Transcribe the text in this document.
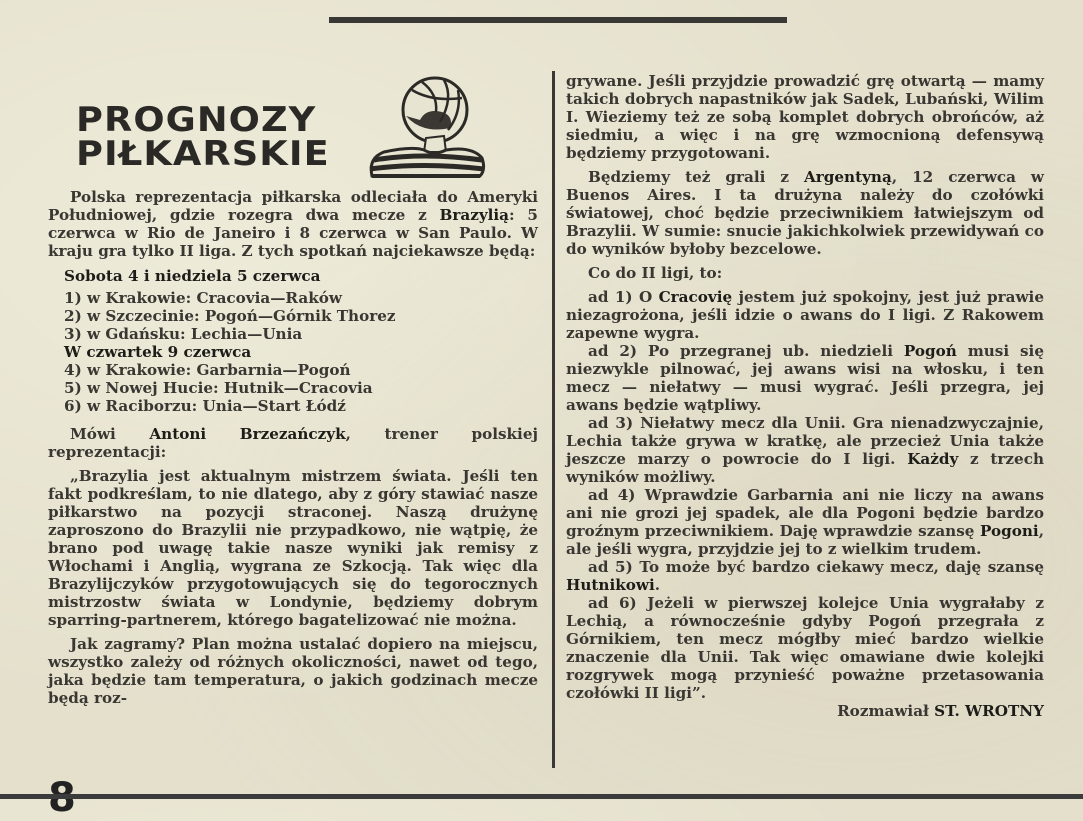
PROGNOZY
PIŁKARSKIE

Polska reprezentacja piłkarska odleciała do Ameryki Południowej, gdzie rozegra dwa mecze z Brazylią: 5 czerwca w Rio de Janeiro i 8 czerwca w San Paulo. W kraju gra tylko II liga. Z tych spotkań najciekawsze będą:

Sobota 4 i niedziela 5 czerwca
1) w Krakowie: Cracovia—Raków
2) w Szczecinie: Pogoń—Górnik Thorez
3) w Gdańsku: Lechia—Unia
W czwartek 9 czerwca
4) w Krakowie: Garbarnia—Pogoń
5) w Nowej Hucie: Hutnik—Cracovia
6) w Raciborzu: Unia—Start Łódź

Mówi Antoni Brzezańczyk, trener polskiej reprezentacji:

„Brazylia jest aktualnym mistrzem świata. Jeśli ten fakt podkreślam, to nie dlatego, aby z góry stawiać nasze piłkarstwo na pozycji straconej. Naszą drużynę zaproszono do Brazylii nie przypadkowo, nie wątpię, że brano pod uwagę takie nasze wyniki jak remisy z Włochami i Anglią, wygrana ze Szkocją. Tak więc dla Brazylijczyków przygotowujących się do tegorocznych mistrzostw świata w Londynie, będziemy dobrym sparring-partnerem, którego bagatelizować nie można.

Jak zagramy? Plan można ustalać dopiero na miejscu, wszystko zależy od różnych okoliczności, nawet od tego, jaka będzie tam temperatura, o jakich godzinach mecze będą roz-

grywane. Jeśli przyjdzie prowadzić grę otwartą — mamy takich dobrych napastników jak Sadek, Lubański, Wilim I. Wieziemy też ze sobą komplet dobrych obrońców, aż siedmiu, a więc i na grę wzmocnioną defensywą będziemy przygotowani.

Będziemy też grali z Argentyną, 12 czerwca w Buenos Aires. I ta drużyna należy do czołówki światowej, choć będzie przeciwnikiem łatwiejszym od Brazylii. W sumie: snucie jakichkolwiek przewidywań co do wyników byłoby bezcelowe.

Co do II ligi, to:

ad 1) O Cracovię jestem już spokojny, jest już prawie niezagrożona, jeśli idzie o awans do I ligi. Z Rakowem zapewne wygra.

ad 2) Po przegranej ub. niedzieli Pogoń musi się niezwykle pilnować, jej awans wisi na włosku, i ten mecz — niełatwy — musi wygrać. Jeśli przegra, jej awans będzie wątpliwy.

ad 3) Niełatwy mecz dla Unii. Gra nienadzwyczajnie, Lechia także grywa w kratkę, ale przecież Unia także jeszcze marzy o powrocie do I ligi. Każdy z trzech wyników możliwy.

ad 4) Wprawdzie Garbarnia ani nie liczy na awans ani nie grozi jej spadek, ale dla Pogoni będzie bardzo groźnym przeciwnikiem. Daję wprawdzie szansę Pogoni, ale jeśli wygra, przyjdzie jej to z wielkim trudem.

ad 5) To może być bardzo ciekawy mecz, daję szansę Hutnikowi.

ad 6) Jeżeli w pierwszej kolejce Unia wygrałaby z Lechią, a równocześnie gdyby Pogoń przegrała z Górnikiem, ten mecz mógłby mieć bardzo wielkie znaczenie dla Unii. Tak więc omawiane dwie kolejki rozgrywek mogą przynieść poważne przetasowania czołówki II ligi”.

Rozmawiał ST. WROTNY
